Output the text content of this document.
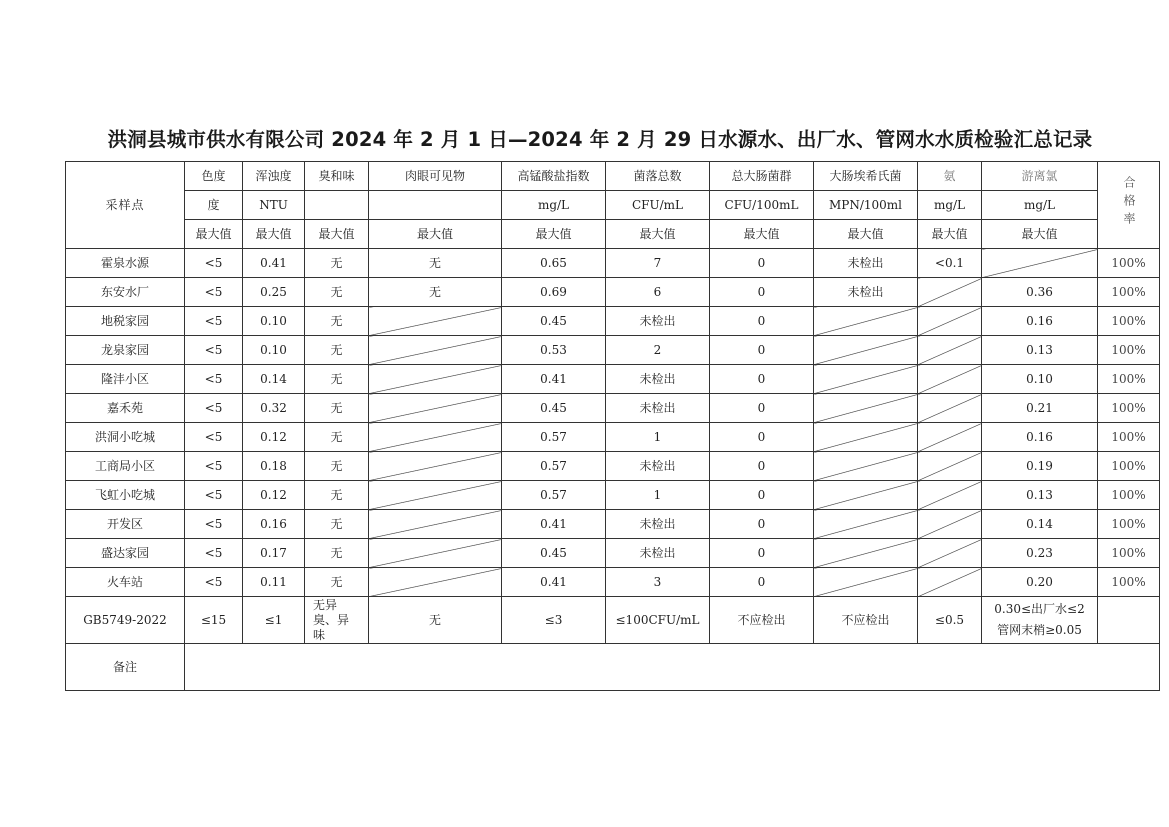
洪洞县城市供水有限公司 2024 年 2 月 1 日—2024 年 2 月 29 日水源水、出厂水、管网水水质检验汇总记录
采样点	色度	浑浊度	臭和味	肉眼可见物	高锰酸盐指数	菌落总数	总大肠菌群	大肠埃希氏菌	氨	游离氯	合格率
	度	NTU			mg/L	CFU/mL	CFU/100mL	MPN/100ml	mg/L	mg/L	
	最大值	最大值	最大值	最大值	最大值	最大值	最大值	最大值	最大值	最大值	
霍泉水源	<5	0.41	无	无	0.65	7	0	未检出	<0.1		100%
东安水厂	<5	0.25	无	无	0.69	6	0	未检出		0.36	100%
地税家园	<5	0.10	无		0.45	未检出	0			0.16	100%
龙泉家园	<5	0.10	无		0.53	2	0			0.13	100%
隆沣小区	<5	0.14	无		0.41	未检出	0			0.10	100%
嘉禾苑	<5	0.32	无		0.45	未检出	0			0.21	100%
洪洞小吃城	<5	0.12	无		0.57	1	0			0.16	100%
工商局小区	<5	0.18	无		0.57	未检出	0			0.19	100%
飞虹小吃城	<5	0.12	无		0.57	1	0			0.13	100%
开发区	<5	0.16	无		0.41	未检出	0			0.14	100%
盛达家园	<5	0.17	无		0.45	未检出	0			0.23	100%
火车站	<5	0.11	无		0.41	3	0			0.20	100%
GB5749-2022	≤15	≤1	无异臭、异味	无	≤3	≤100CFU/mL	不应检出	不应检出	≤0.5	0.30≤出厂水≤2
管网末梢≥0.05	

备注											
